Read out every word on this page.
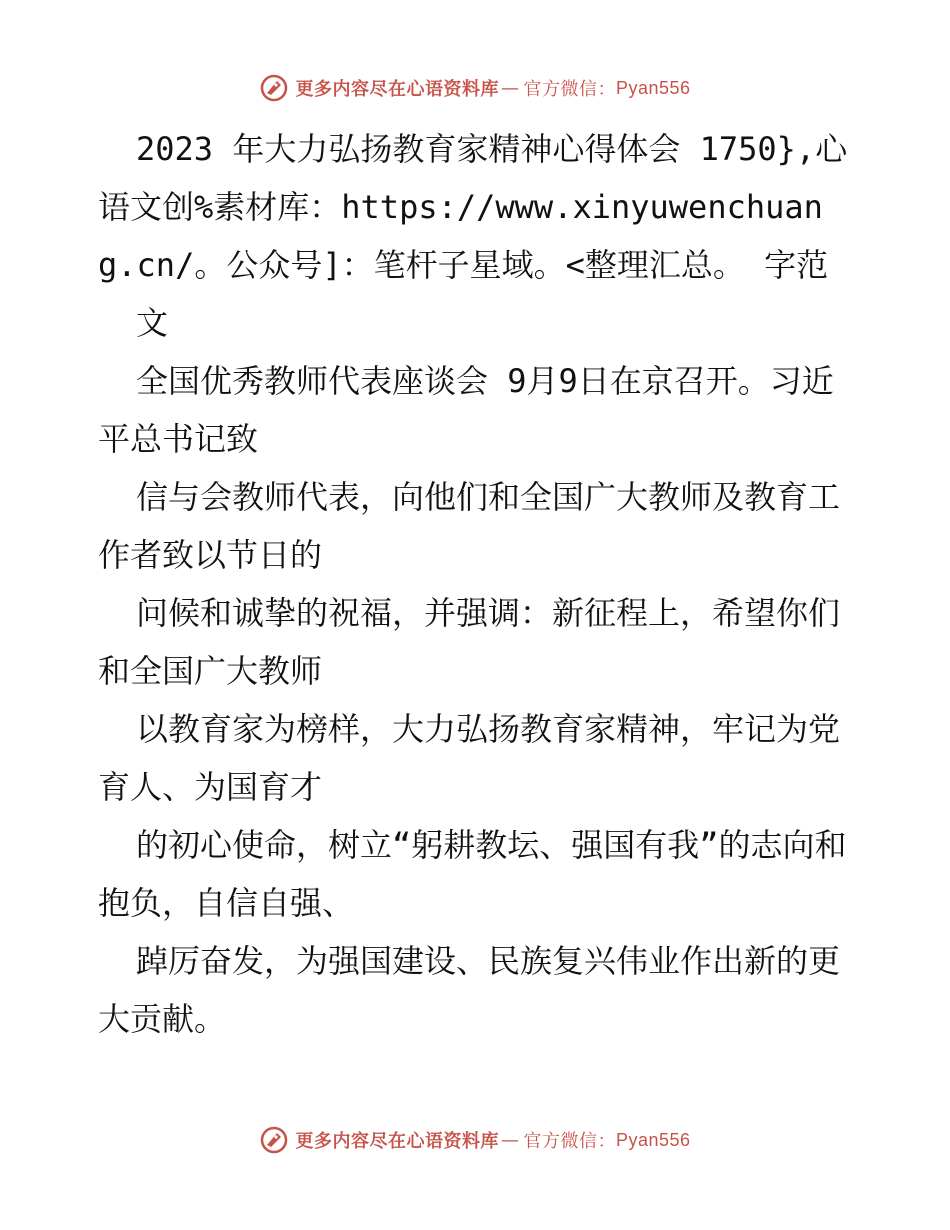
更多内容尽在心语资料库 — 官方微信： Pyan556

2023 年大力弘扬教育家精神心得体会 1750},心语文创%素材库：https://www.xinyuwenchuang.cn/。公众号]：笔杆子星域。<整理汇总。 字范

文

全国优秀教师代表座谈会 9月9日在京召开。习近平总书记致

信与会教师代表，向他们和全国广大教师及教育工作者致以节日的

问候和诚挚的祝福，并强调：新征程上，希望你们和全国广大教师

以教育家为榜样，大力弘扬教育家精神，牢记为党育人、为国育才

的初心使命，树立“躬耕教坛、强国有我”的志向和抱负，自信自强、

踔厉奋发，为强国建设、民族复兴伟业作出新的更大贡献。

更多内容尽在心语资料库 — 官方微信： Pyan556
